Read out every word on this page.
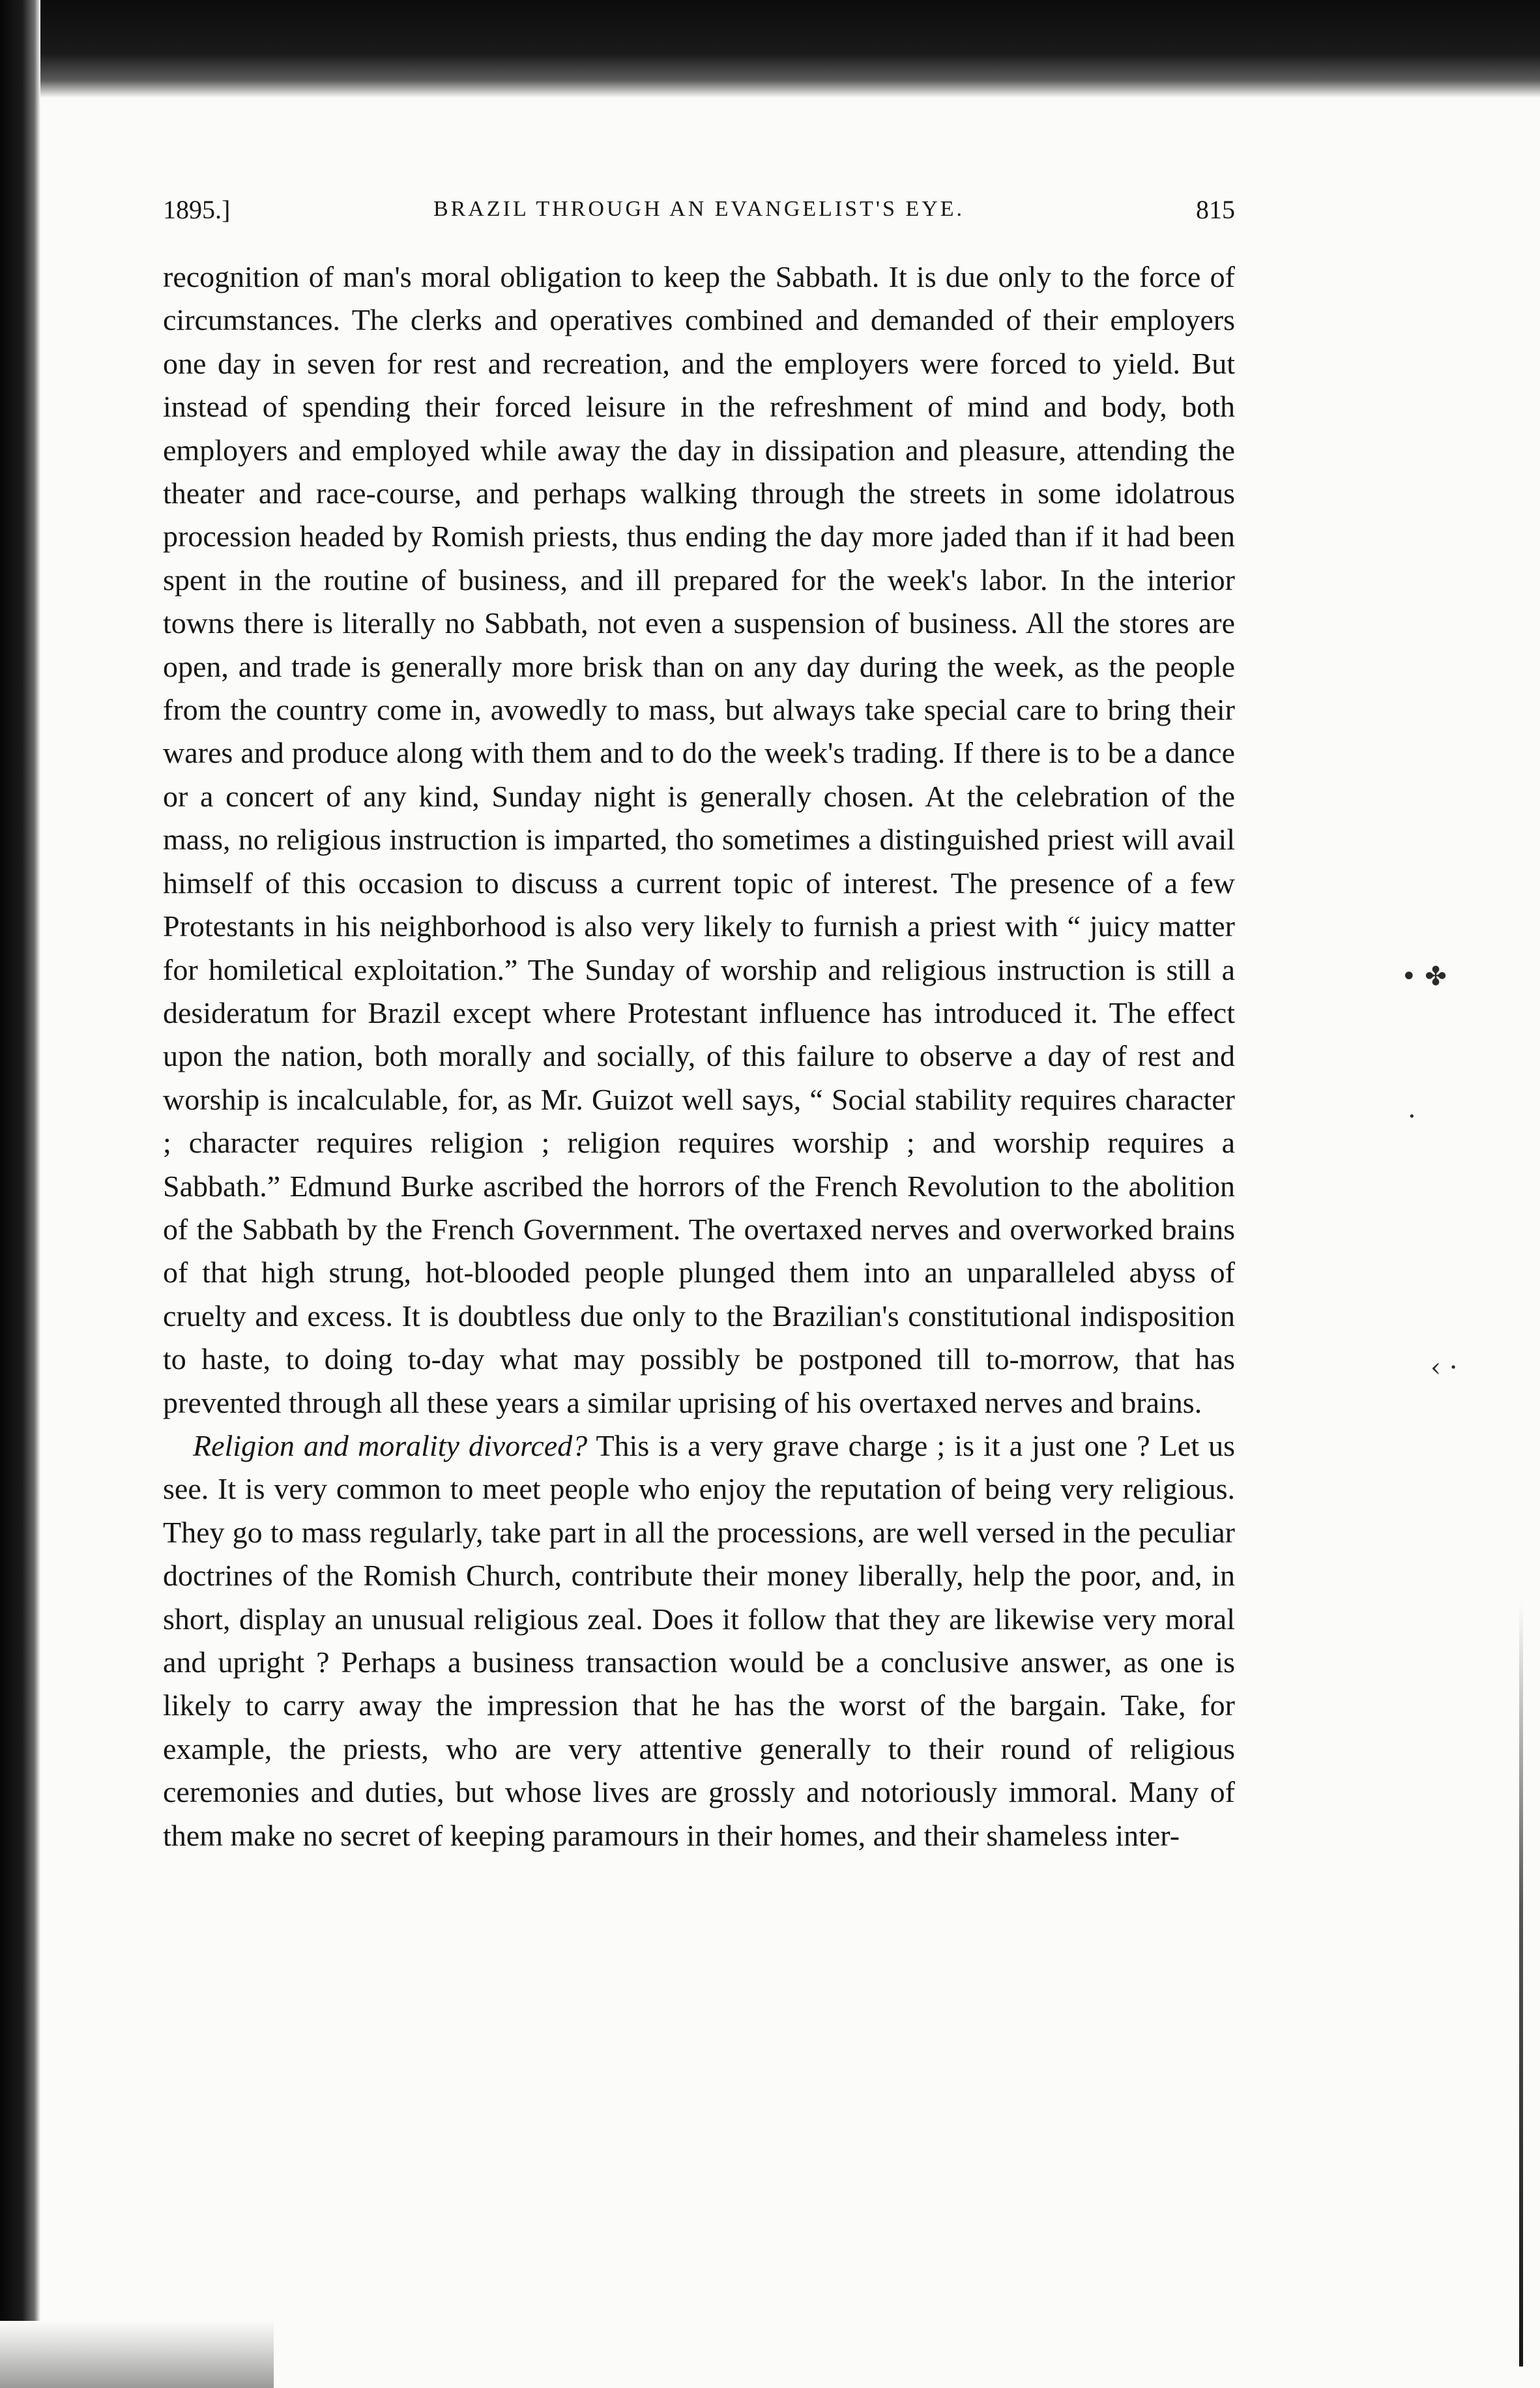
• ✤
·
‹ ·
1895.]	BRAZIL THROUGH AN EVANGELIST'S EYE.	815

recognition of man's moral obligation to keep the Sabbath. It is due only to the force of circumstances. The clerks and operatives combined and demanded of their employers one day in seven for rest and recreation, and the employers were forced to yield. But instead of spending their forced leisure in the refreshment of mind and body, both employers and employed while away the day in dissipation and pleasure, attending the theater and race-course, and perhaps walking through the streets in some idolatrous procession headed by Romish priests, thus ending the day more jaded than if it had been spent in the routine of business, and ill prepared for the week's labor. In the interior towns there is literally no Sabbath, not even a suspension of business. All the stores are open, and trade is generally more brisk than on any day during the week, as the people from the country come in, avowedly to mass, but always take special care to bring their wares and produce along with them and to do the week's trading. If there is to be a dance or a concert of any kind, Sunday night is generally chosen. At the celebration of the mass, no religious instruction is imparted, tho sometimes a distinguished priest will avail himself of this occasion to discuss a current topic of interest. The presence of a few Protestants in his neighborhood is also very likely to furnish a priest with “ juicy matter for homiletical exploitation.” The Sunday of worship and religious instruction is still a desideratum for Brazil except where Protestant influence has introduced it. The effect upon the nation, both morally and socially, of this failure to observe a day of rest and worship is incalculable, for, as Mr. Guizot well says, “ Social stability requires character ; character requires religion ; religion requires worship ; and worship requires a Sabbath.” Edmund Burke ascribed the horrors of the French Revolution to the abolition of the Sabbath by the French Government. The overtaxed nerves and overworked brains of that high strung, hot-blooded people plunged them into an unparalleled abyss of cruelty and excess. It is doubtless due only to the Brazilian's constitutional indisposition to haste, to doing to-day what may possibly be postponed till to-morrow, that has prevented through all these years a similar uprising of his overtaxed nerves and brains.

Religion and morality divorced? This is a very grave charge ; is it a just one ? Let us see. It is very common to meet people who enjoy the reputation of being very religious. They go to mass regularly, take part in all the processions, are well versed in the peculiar doctrines of the Romish Church, contribute their money liberally, help the poor, and, in short, display an unusual religious zeal. Does it follow that they are likewise very moral and upright ? Perhaps a business transaction would be a conclusive answer, as one is likely to carry away the impression that he has the worst of the bargain. Take, for example, the priests, who are very attentive generally to their round of religious ceremonies and duties, but whose lives are grossly and notoriously immoral. Many of them make no secret of keeping paramours in their homes, and their shameless inter-
